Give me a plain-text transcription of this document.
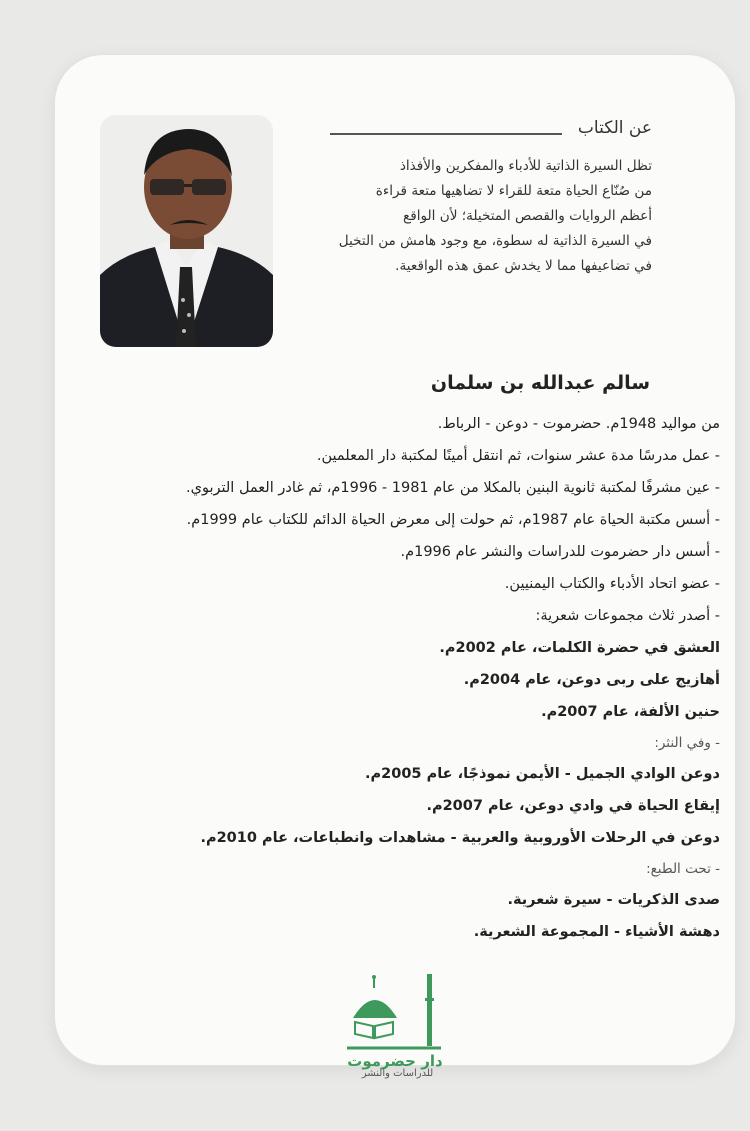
عن الكتاب

تظل السيرة الذاتية للأدباء والمفكرين والأفذاذ

من صُنّاع الحياة متعة للقراء لا تضاهيها متعة قراءة

أعظم الروايات والقصص المتخيلة؛ لأن الواقع

في السيرة الذاتية له سطوة، مع وجود هامش من التخيل

في تضاعيفها مما لا يخدش عمق هذه الواقعية.

سالم عبدالله بن سلمان
من مواليد 1948م. حضرموت - دوعن - الرباط.
- عمل مدرسًا مدة عشر سنوات، ثم انتقل أمينًا لمكتبة دار المعلمين.
- عين مشرفًا لمكتبة ثانوية البنين بالمكلا من عام 1981 - 1996م، ثم غادر العمل التربوي.
- أسس مكتبة الحياة عام 1987م، ثم حولت إلى معرض الحياة الدائم للكتاب عام 1999م.
- أسس دار حضرموت للدراسات والنشر عام 1996م.
- عضو اتحاد الأدباء والكتاب اليمنيين.
- أصدر ثلاث مجموعات شعرية:
العشق في حضرة الكلمات، عام 2002م.
أهازيج على ربى دوعن، عام 2004م.
حنين الألفة، عام 2007م.
- وفي النثر:
دوعن الوادي الجميل - الأيمن نموذجًا، عام 2005م.
إيقاع الحياة في وادي دوعن، عام 2007م.
دوعن في الرحلات الأوروبية والعربية - مشاهدات وانطباعات، عام 2010م.
- تحت الطبع:
صدى الذكريات - سيرة شعرية.
دهشة الأشياء - المجموعة الشعرية.
دار حضرموت
للدراسات والنشر
